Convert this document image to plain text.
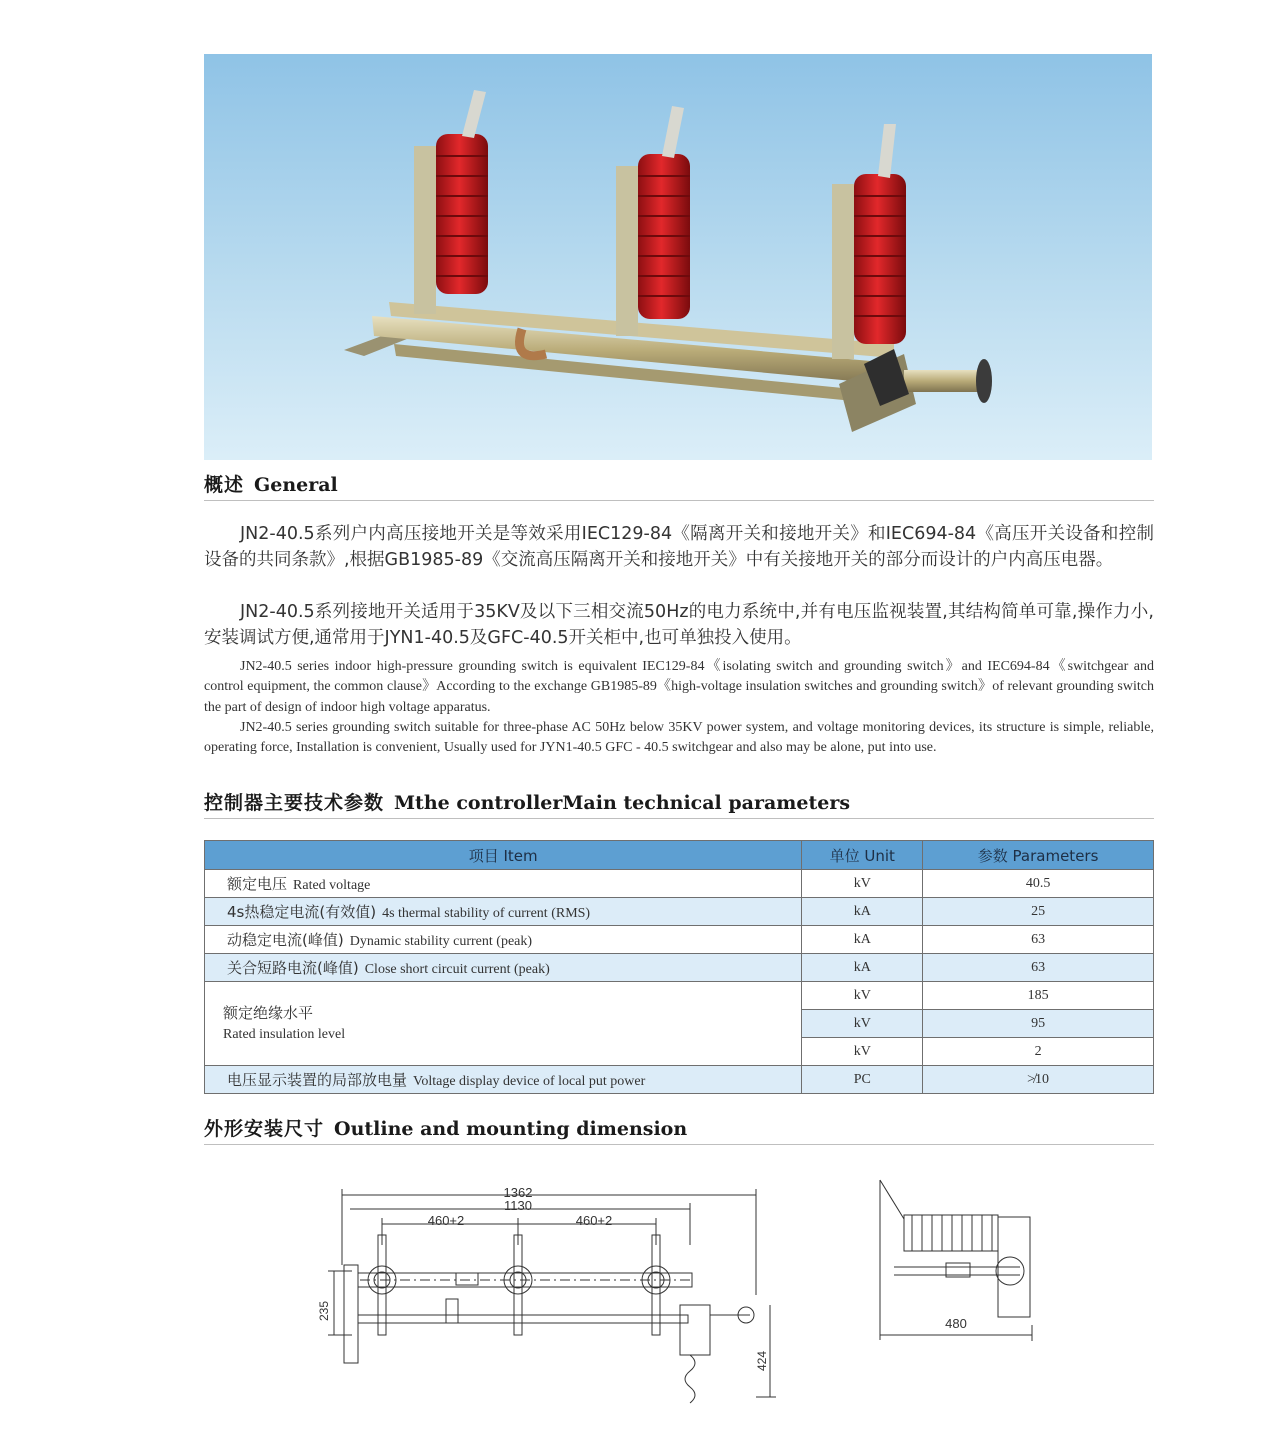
概述 General

JN2-40.5系列户内高压接地开关是等效采用IEC129-84《隔离开关和接地开关》和IEC694-84《高压开关设备和控制设备的共同条款》,根据GB1985-89《交流高压隔离开关和接地开关》中有关接地开关的部分而设计的户内高压电器。

JN2-40.5系列接地开关适用于35KV及以下三相交流50Hz的电力系统中,并有电压监视装置,其结构简单可靠,操作力小,安装调试方便,通常用于JYN1-40.5及GFC-40.5开关柜中,也可单独投入使用。

JN2-40.5 series indoor high-pressure grounding switch is equivalent IEC129-84《isolating switch and grounding switch》and IEC694-84《switchgear and control equipment, the common clause》According to the exchange GB1985-89《high-voltage insulation switches and grounding switch》of relevant grounding switch the part of design of indoor high voltage apparatus.

JN2-40.5 series grounding switch suitable for three-phase AC 50Hz below 35KV power system, and voltage monitoring devices, its structure is simple, reliable, operating force, Installation is convenient, Usually used for JYN1-40.5 GFC - 40.5 switchgear and also may be alone, put into use.

控制器主要技术参数 Mthe controllerMain technical parameters
项目 Item	单位 Unit	参数 Parameters
额定电压 Rated voltage	kV	40.5
4s热稳定电流(有效值) 4s thermal stability of current (RMS)	kA	25
动稳定电流(峰值) Dynamic stability current (peak)	kA	63
关合短路电流(峰值) Close short circuit current (peak)	kA	63

额定绝缘水平
Rated insulation level	kV	185
	kV	95
	kV	2
电压显示装置的局部放电量 Voltage display device of local put power	PC	≯10
外形安装尺寸 Outline and mounting dimension
1362
1130
460+2	460+2
235
424
480
